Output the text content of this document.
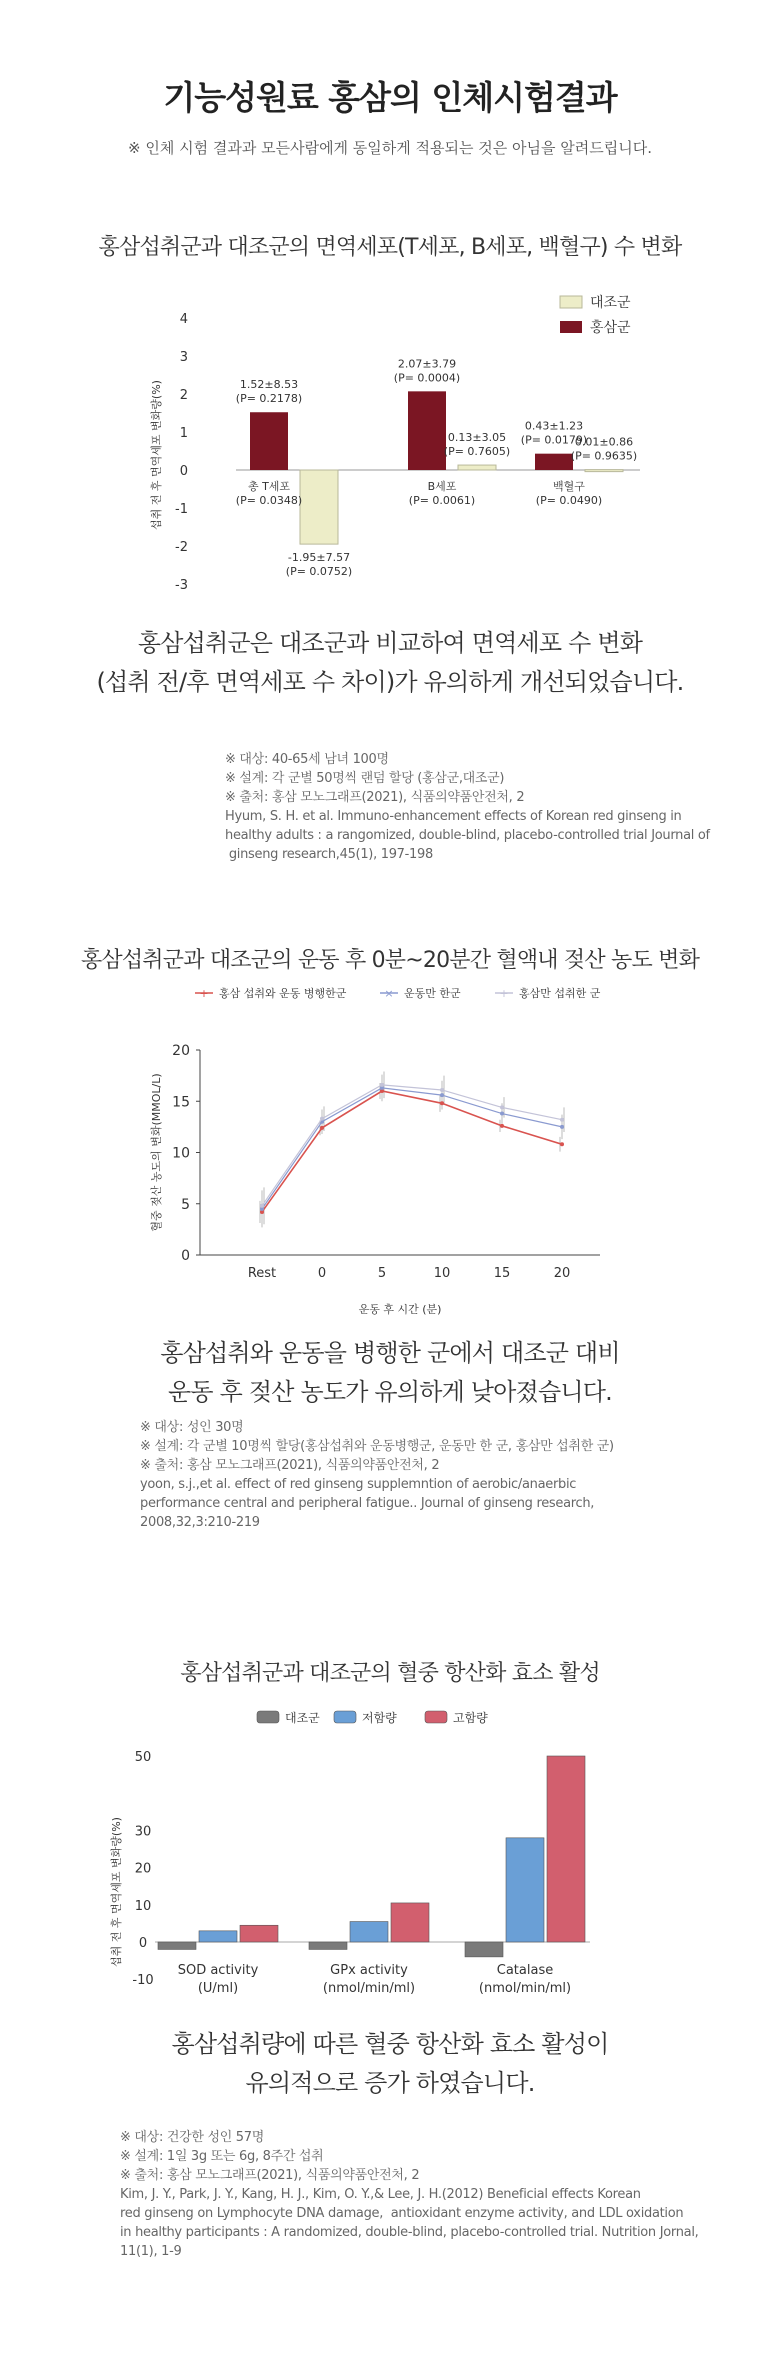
기능성원료 홍삼의 인체시험결과
※ 인체 시험 결과과 모든사람에게 동일하게 적용되는 것은 아님을 알려드립니다.
홍삼섭취군과 대조군의 면역세포(T세포, B세포, 백혈구) 수 변화
-3
-2
-1
0
1
2
3
4
섭취 전 후 면역세포 변화량(%)	1.52±8.53
(P= 0.2178)
-1.95±7.57
(P= 0.0752)
총 T세포
(P= 0.0348)
2.07±3.79
(P= 0.0004)
0.13±3.05
(P= 0.7605)
B세포
(P= 0.0061)
0.43±1.23
(P= 0.0179)
0.01±0.86
(P= 0.9635)
백혈구
(P= 0.0490)
대조군
홍삼군
홍삼섭취군은 대조군과 비교하여 면역세포 수 변화
(섭취 전/후 면역세포 수 차이)가 유의하게 개선되었습니다.
※ 대상: 40-65세 남녀 100명
※ 설계: 각 군별 50명씩 랜덤 할당 (홍삼군,대조군)
※ 출처: 홍삼 모노그래프(2021), 식품의약품안전처, 2
Hyum, S. H. et al. Immuno-enhancement effects of Korean red ginseng in
healthy adults : a rangomized, double-blind, placebo-controlled trial Journal of
ginseng research,45(1), 197-198
홍삼섭취군과 대조군의 운동 후 0분~20분간 혈액내 젖산 농도 변화
0
5
10
15
20
Rest	0	5	10	15	20
운동 후 시간 (분)
혈중 젖산 농도의 변화(MMOL/L)
+ 홍삼 섭취와 운동 병행한군	× 운동만 한군	+ 홍삼만 섭취한 군
홍삼섭취와 운동을 병행한 군에서 대조군 대비
운동 후 젖산 농도가 유의하게 낮아졌습니다.
※ 대상: 성인 30명
※ 설계: 각 군별 10명씩 할당(홍삼섭취와 운동병행군, 운동만 한 군, 홍삼만 섭취한 군)
※ 출처: 홍삼 모노그래프(2021), 식품의약품안전처, 2
yoon, s.j.,et al. effect of red ginseng supplemntion of aerobic/anaerbic
performance central and peripheral fatigue.. Journal of ginseng research,
2008,32,3:210-219
홍삼섭취군과 대조군의 혈중 항산화 효소 활성
-10
0
10
20
30
50
섭취 전 후 면역세포 변화량(%)
SOD activity
(U/ml)
GPx activity
(nmol/min/ml)
Catalase
(nmol/min/ml)
대조군	저함량	고함량
홍삼섭취량에 따른 혈중 항산화 효소 활성이
유의적으로 증가 하였습니다.
※ 대상: 건강한 성인 57명
※ 설계: 1일 3g 또는 6g, 8주간 섭취
※ 출처: 홍삼 모노그래프(2021), 식품의약품안전처, 2
Kim, J. Y., Park, J. Y., Kang, H. J., Kim, O. Y.,& Lee, J. H.(2012) Beneficial effects Korean
red ginseng on Lymphocyte DNA damage,  antioxidant enzyme activity, and LDL oxidation
in healthy participants : A randomized, double-blind, placebo-controlled trial. Nutrition Jornal,
11(1), 1-9
